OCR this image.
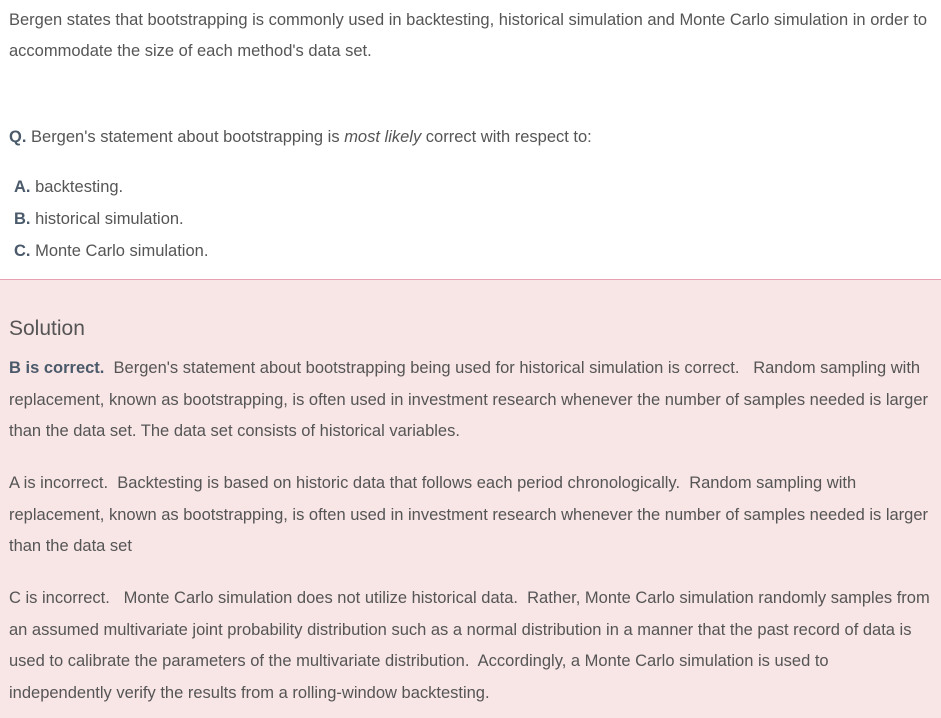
Bergen states that bootstrapping is commonly used in backtesting, historical simulation and Monte Carlo simulation in order to accommodate the size of each method's data set.
Q. Bergen's statement about bootstrapping is most likely correct with respect to:
A. backtesting.
B. historical simulation.
C. Monte Carlo simulation.
Solution

B is correct.  Bergen's statement about bootstrapping being used for historical simulation is correct.   Random sampling with replacement, known as bootstrapping, is often used in investment research whenever the number of samples needed is larger than the data set. The data set consists of historical variables.

A is incorrect.  Backtesting is based on historic data that follows each period chronologically.  Random sampling with replacement, known as bootstrapping, is often used in investment research whenever the number of samples needed is larger than the data set

C is incorrect.   Monte Carlo simulation does not utilize historical data.  Rather, Monte Carlo simulation randomly samples from an assumed multivariate joint probability distribution such as a normal distribution in a manner that the past record of data is used to calibrate the parameters of the multivariate distribution.  Accordingly, a Monte Carlo simulation is used to independently verify the results from a rolling-window backtesting.
